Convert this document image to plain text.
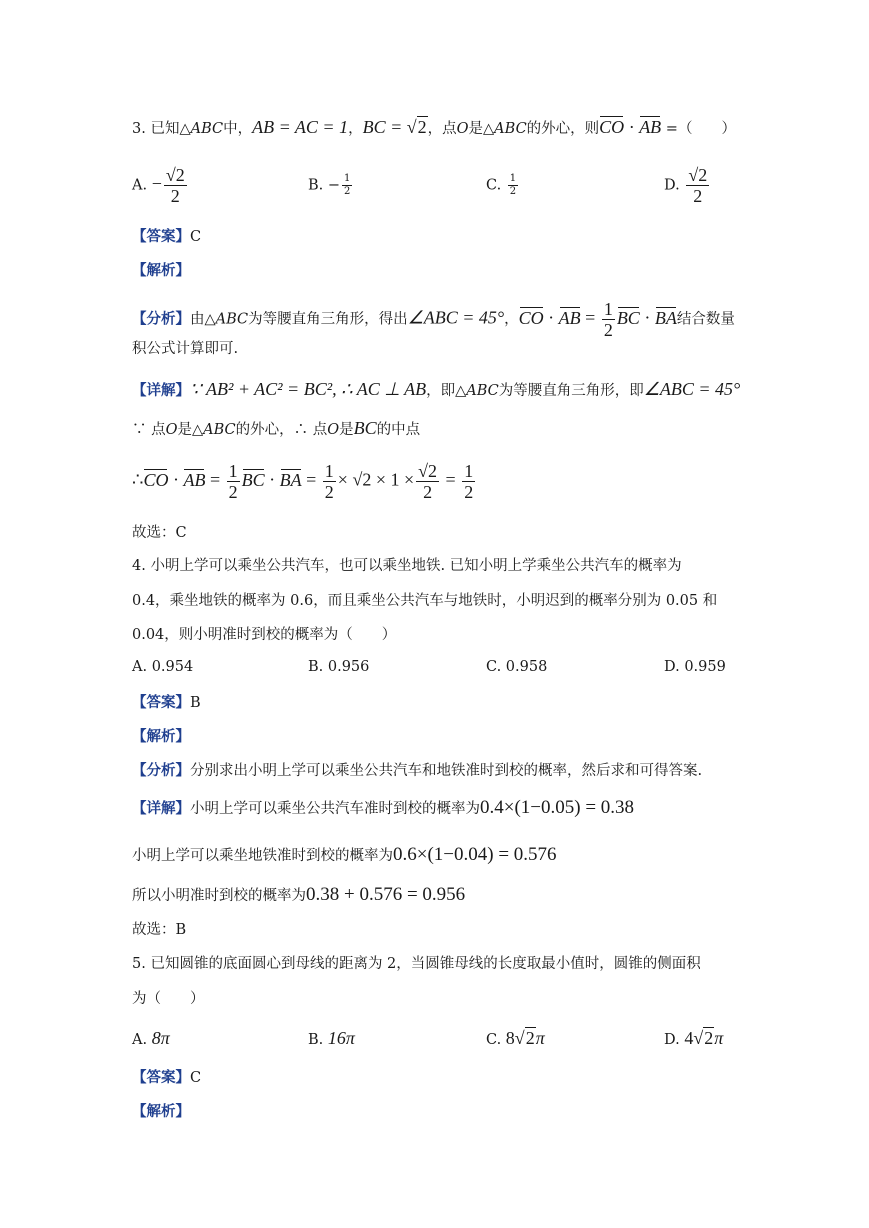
3. 已知△ABC中，AB = AC = 1，BC = √2，点O是△ABC的外心，则CO · AB =（　　）
A. − $\frac{√2}{2}$	B. − $\frac{1}{2}$	C. $\frac{1}{2}$	D. $\frac{√2}{2}$
【答案】C
【解析】
【分析】由△ABC为等腰直角三角形，得出∠ABC = 45°，CO · AB = $\frac{1}{2}$ BC · BA结合数量
积公式计算即可.
【详解】∵ AB² + AC² = BC², ∴ AC ⊥ AB，即△ABC为等腰直角三角形，即∠ABC = 45°
∵ 点O是△ABC的外心，∴ 点O是BC的中点
∴CO · AB = $\frac{1}{2}$ BC · BA = $\frac{1}{2} \times √2 \times 1 \times \frac{√2}{2} = \frac{1}{2}$
故选：C
4. 小明上学可以乘坐公共汽车，也可以乘坐地铁. 已知小明上学乘坐公共汽车的概率为
0.4，乘坐地铁的概率为 0.6，而且乘坐公共汽车与地铁时，小明迟到的概率分别为 0.05 和
0.04，则小明准时到校的概率为（　　）
A. 0.954	B. 0.956	C. 0.958	D. 0.959
【答案】B
【解析】
【分析】分别求出小明上学可以乘坐公共汽车和地铁准时到校的概率，然后求和可得答案.
【详解】小明上学可以乘坐公共汽车准时到校的概率为0.4×(1−0.05) = 0.38
小明上学可以乘坐地铁准时到校的概率为0.6×(1−0.04) = 0.576
所以小明准时到校的概率为0.38 + 0.576 = 0.956
故选：B
5. 已知圆锥的底面圆心到母线的距离为 2，当圆锥母线的长度取最小值时，圆锥的侧面积
为（　　）
A. 8π	B. 16π	C. 8√2π	D. 4√2π
【答案】C
【解析】
